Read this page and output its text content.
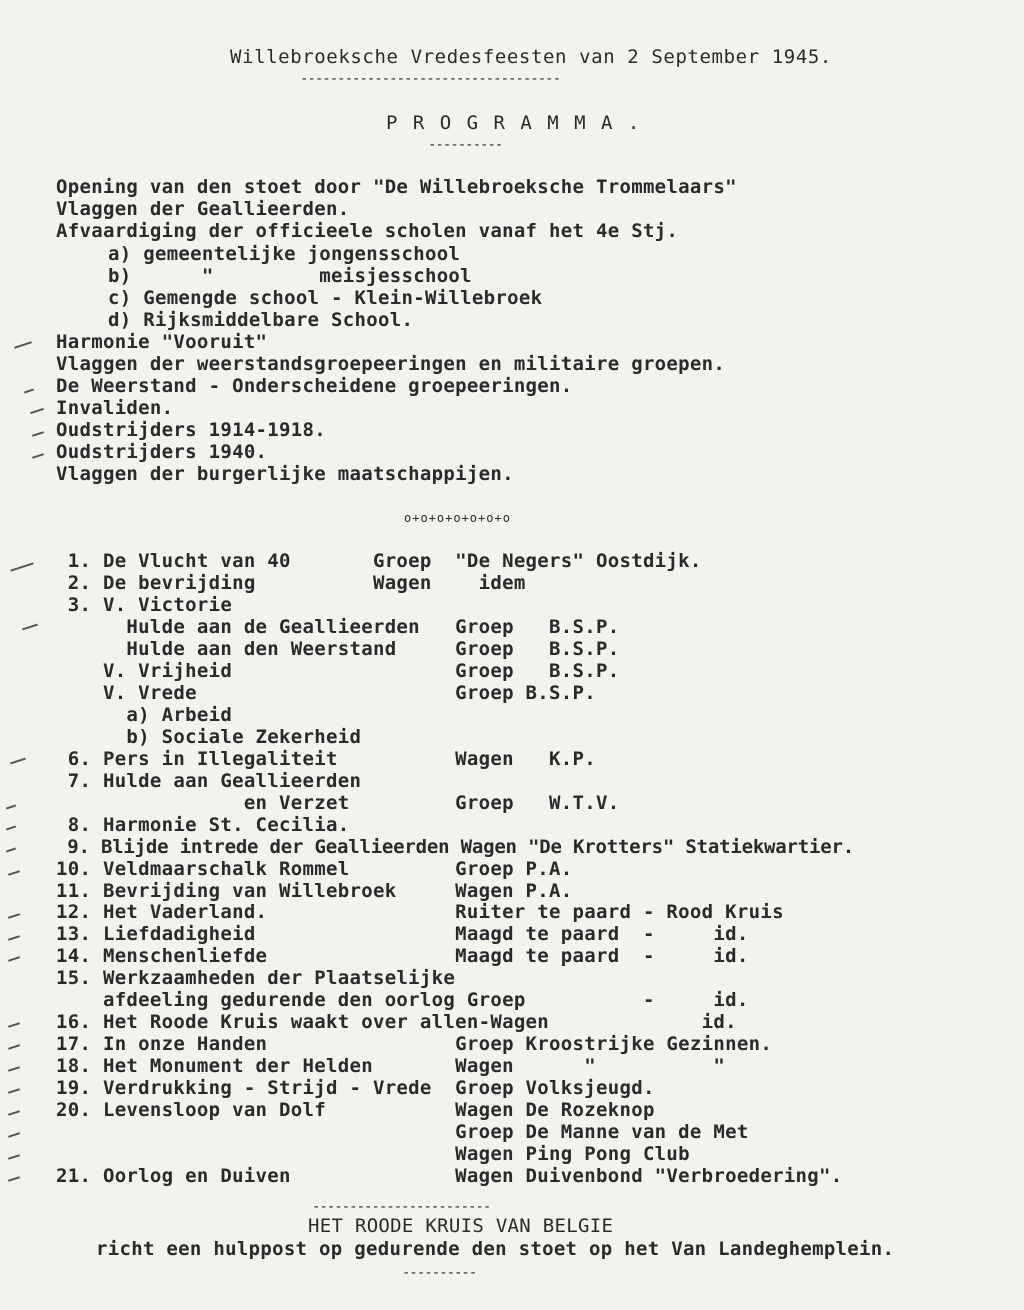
Willebroeksche Vredesfeesten van 2 September 1945.
-----------------------------------
P R O G R A M M A .
----------
Opening van den stoet door "De Willebroeksche Trommelaars"
Vlaggen der Geallieerden.
Afvaardiging der officieele scholen vanaf het 4e Stj.
a) gemeentelijke jongensschool
b)      "         meisjesschool
c) Gemengde school - Klein-Willebroek
d) Rijksmiddelbare School.
Harmonie "Vooruit"
Vlaggen der weerstandsgroepeeringen en militaire groepen.
De Weerstand - Onderscheidene groepeeringen.
Invaliden.
Oudstrijders 1914-1918.
Oudstrijders 1940.
Vlaggen der burgerlijke maatschappijen.
o+o+o+o+o+o+o
1. De Vlucht van 40       Groep  "De Negers" Oostdijk.
2. De bevrijding          Wagen    idem
3. V. Victorie
Hulde aan de Geallieerden   Groep   B.S.P.
Hulde aan den Weerstand     Groep   B.S.P.
V. Vrijheid                   Groep   B.S.P.
V. Vrede                      Groep B.S.P.
a) Arbeid
b) Sociale Zekerheid
6. Pers in Illegaliteit          Wagen   K.P.
7. Hulde aan Geallieerden
en Verzet         Groep   W.T.V.
8. Harmonie St. Cecilia.
9. Blijde intrede der Geallieerden Wagen "De Krotters" Statiekwartier.
10. Veldmaarschalk Rommel         Groep P.A.
11. Bevrijding van Willebroek     Wagen P.A.
12. Het Vaderland.                Ruiter te paard - Rood Kruis
13. Liefdadigheid                 Maagd te paard  -     id.
14. Menschenliefde                Maagd te paard  -     id.
15. Werkzaamheden der Plaatselijke
afdeeling gedurende den oorlog Groep          -     id.
16. Het Roode Kruis waakt over allen-Wagen             id.
17. In onze Handen                Groep Kroostrijke Gezinnen.
18. Het Monument der Helden       Wagen      "          "
19. Verdrukking - Strijd - Vrede  Groep Volksjeugd.
20. Levensloop van Dolf           Wagen De Rozeknop
Groep De Manne van de Met
Wagen Ping Pong Club
21. Oorlog en Duiven              Wagen Duivenbond "Verbroedering".
------------------------
HET ROODE KRUIS VAN BELGIE
richt een hulppost op gedurende den stoet op het Van Landeghemplein.
----------
